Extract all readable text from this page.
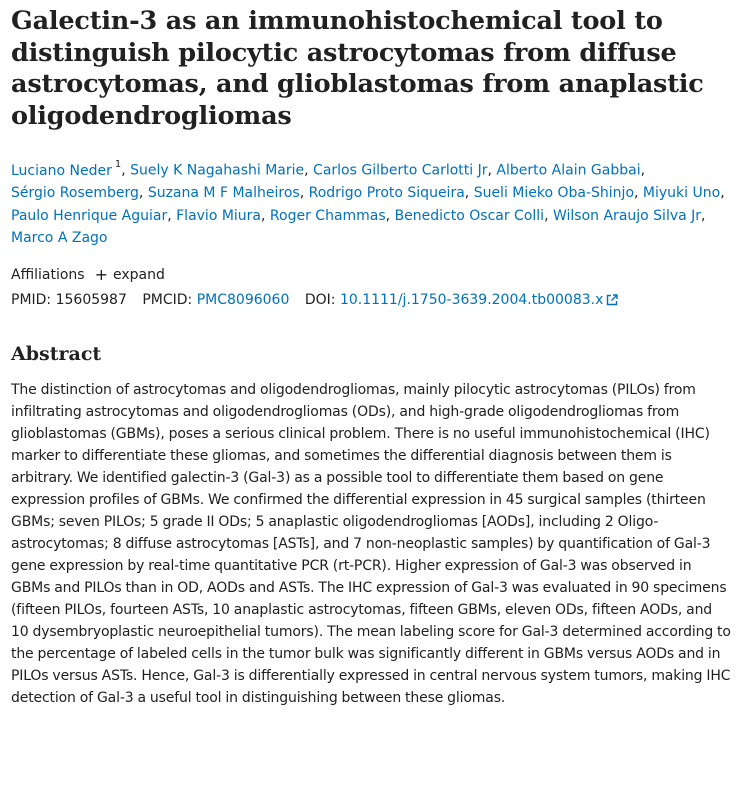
Galectin-3 as an immunohistochemical tool to distinguish pilocytic astrocytomas from diffuse astrocytomas, and glioblastomas from anaplastic oligodendrogliomas
Luciano Neder $^1$, Suely K Nagahashi Marie, Carlos Gilberto Carlotti Jr, Alberto Alain Gabbai, Sérgio Rosemberg, Suzana M F Malheiros, Rodrigo Proto Siqueira, Sueli Mieko Oba-Shinjo, Miyuki Uno, Paulo Henrique Aguiar, Flavio Miura, Roger Chammas, Benedicto Oscar Colli, Wilson Araujo Silva Jr, Marco A Zago
Affiliations + expand
PMID: 15605987 PMCID: PMC8096060 DOI: 10.1111/j.1750-3639.2004.tb00083.x
Abstract
The distinction of astrocytomas and oligodendrogliomas, mainly pilocytic astrocytomas (PILOs) from infiltrating astrocytomas and oligodendrogliomas (ODs), and high-grade oligodendrogliomas from glioblastomas (GBMs), poses a serious clinical problem. There is no useful immunohistochemical (IHC) marker to differentiate these gliomas, and sometimes the differential diagnosis between them is arbitrary. We identified galectin-3 (Gal-3) as a possible tool to differentiate them based on gene expression profiles of GBMs. We confirmed the differential expression in 45 surgical samples (thirteen GBMs; seven PILOs; 5 grade II ODs; 5 anaplastic oligodendrogliomas [AODs], including 2 Oligo-astrocytomas; 8 diffuse astrocytomas [ASTs], and 7 non-neoplastic samples) by quantification of Gal-3 gene expression by real-time quantitative PCR (rt-PCR). Higher expression of Gal-3 was observed in GBMs and PILOs than in OD, AODs and ASTs. The IHC expression of Gal-3 was evaluated in 90 specimens (fifteen PILOs, fourteen ASTs, 10 anaplastic astrocytomas, fifteen GBMs, eleven ODs, fifteen AODs, and 10 dysembryoplastic neuroepithelial tumors). The mean labeling score for Gal-3 determined according to the percentage of labeled cells in the tumor bulk was significantly different in GBMs versus AODs and in PILOs versus ASTs. Hence, Gal-3 is differentially expressed in central nervous system tumors, making IHC detection of Gal-3 a useful tool in distinguishing between these gliomas.
